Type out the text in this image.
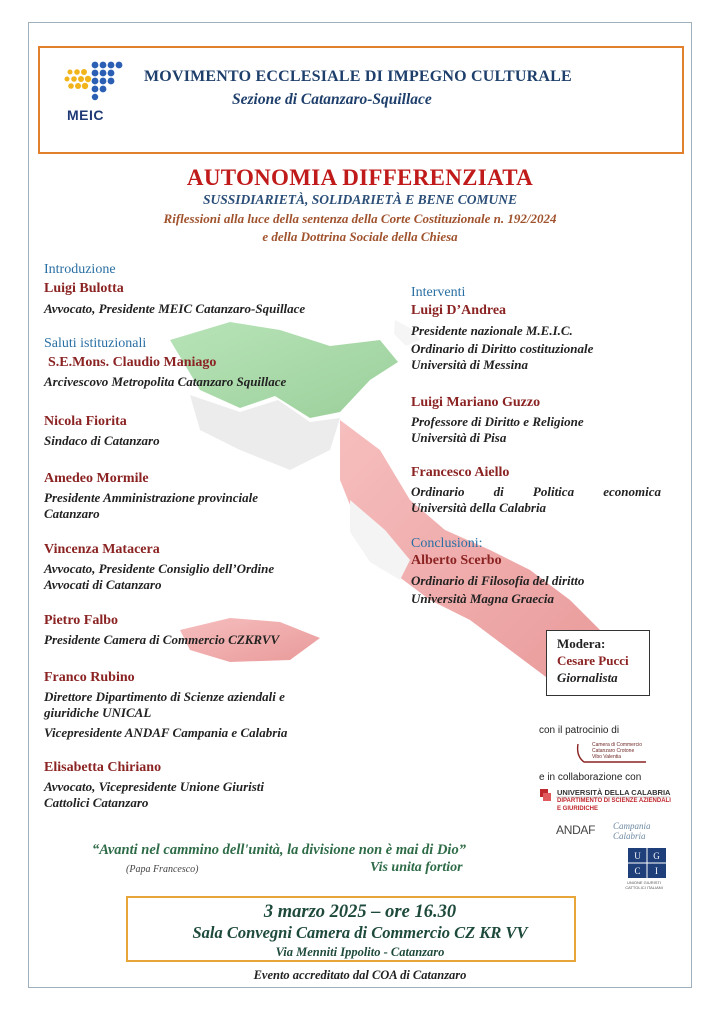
MEIC
MOVIMENTO ECCLESIALE DI IMPEGNO CULTURALE
Sezione di Catanzaro-Squillace
AUTONOMIA DIFFERENZIATA
SUSSIDIARIETÀ, SOLIDARIETÀ E BENE COMUNE
Riflessioni alla luce della sentenza della Corte Costituzionale n. 192/2024
e della Dottrina Sociale della Chiesa
Introduzione
Luigi Bulotta
Avvocato, Presidente MEIC Catanzaro-Squillace
Saluti istituzionali
S.E.Mons. Claudio Maniago
Arcivescovo Metropolita Catanzaro Squillace
Nicola Fiorita
Sindaco di Catanzaro
Amedeo Mormile
Presidente Amministrazione provinciale
Catanzaro
Vincenza Matacera
Avvocato, Presidente Consiglio dell’Ordine
Avvocati di Catanzaro
Pietro Falbo
Presidente Camera di Commercio CZKRVV
Franco Rubino
Direttore Dipartimento di Scienze aziendali e
giuridiche UNICAL
Vicepresidente ANDAF Campania e Calabria
Elisabetta Chiriano
Avvocato, Vicepresidente Unione Giuristi
Cattolici Catanzaro
Interventi
Luigi D’Andrea
Presidente nazionale M.E.I.C.
Ordinario di Diritto costituzionale
Università di Messina
Luigi Mariano Guzzo
Professore di Diritto e Religione
Università di Pisa
Francesco Aiello
Ordinario di Politica economica
Università della Calabria
Conclusioni:
Alberto Scerbo
Ordinario di Filosofia del diritto
Università Magna Graecia
Modera:
Cesare Pucci
Giornalista
con il patrocinio di
Camera di Commercio
Catanzaro Crotone
Vibo Valentia
e in collaborazione con
UNIVERSITÀ DELLA CALABRIA
DIPARTIMENTO DI SCIENZE AZIENDALI
E GIURIDICHE
ANDAF Campania
Calabria
U G
C I
UNIONE GIURISTI
CATTOLICI ITALIANI
“Avanti nel cammino dell'unità, la divisione non è mai di Dio”
(Papa Francesco)	Vis unita fortior
3 marzo 2025 – ore 16.30
Sala Convegni Camera di Commercio CZ KR VV
Via Menniti Ippolito - Catanzaro
Evento accreditato dal COA di Catanzaro
